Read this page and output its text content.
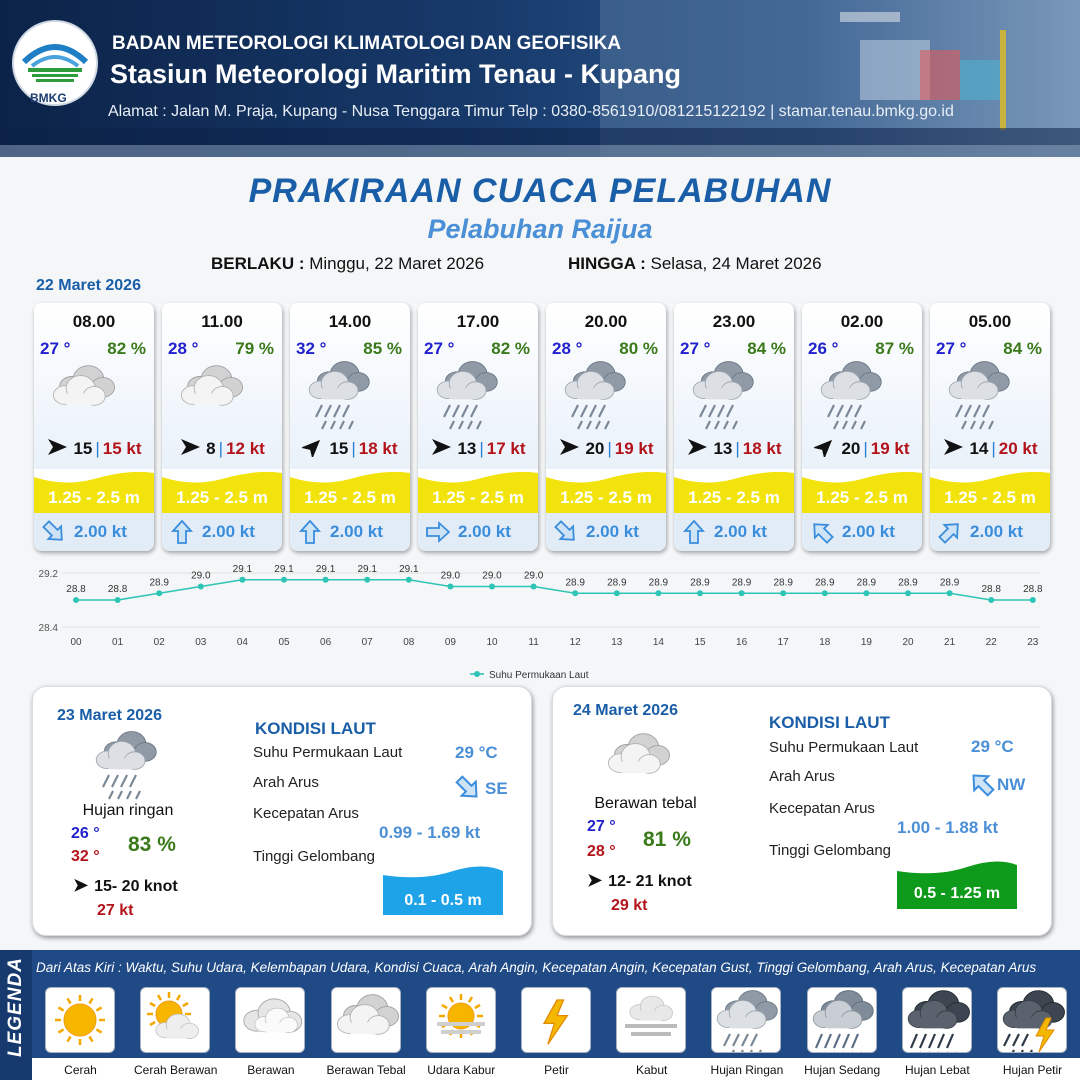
BMKG
BADAN METEOROLOGI KLIMATOLOGI DAN GEOFISIKA
Stasiun Meteorologi Maritim Tenau - Kupang
Alamat : Jalan M. Praja, Kupang - Nusa Tenggara Timur Telp : 0380-8561910/081215122192 | stamar.tenau.bmkg.go.id
PRAKIRAAN CUACA PELABUHAN
Pelabuhan Raijua
BERLAKU : Minggu, 22 Maret 2026	HINGGA : Selasa, 24 Maret 2026
22 Maret 2026
08.00
27 ° 82 %
15 | 15 kt
1.25 - 2.5 m
2.00 kt
11.00
28 ° 79 %
8 | 12 kt
1.25 - 2.5 m
2.00 kt
14.00
32 ° 85 %
15 | 18 kt
1.25 - 2.5 m
2.00 kt
17.00
27 ° 82 %
13 | 17 kt
1.25 - 2.5 m
2.00 kt
20.00
28 ° 80 %
20 | 19 kt
1.25 - 2.5 m
2.00 kt
23.00
27 ° 84 %
13 | 18 kt
1.25 - 2.5 m
2.00 kt
02.00
26 ° 87 %
20 | 19 kt
1.25 - 2.5 m
2.00 kt
05.00
27 ° 84 %
14 | 20 kt
1.25 - 2.5 m
2.00 kt
29.2
28.4
28.8
00
28.8
01
28.9
02
29.0
03
29.1
04
29.1
05
29.1
06
29.1
07
29.1
08
29.0
09
29.0
10
29.0
11
28.9
12
28.9
13
28.9
14
28.9
15
28.9
16
28.9
17
28.9
18
28.9
19
28.9
20
28.9
21
28.8
22
28.8
23
Suhu Permukaan Laut
23 Maret 2026
Hujan ringan
26 °
32 °
83 %
➤ 15- 20 knot
27 kt
KONDISI LAUT
Suhu Permukaan Laut	29 °C
Arah Arus	SE
Kecepatan Arus
0.99 - 1.69 kt
Tinggi Gelombang
0.1 - 0.5 m
24 Maret 2026
Berawan tebal
27 °
28 °
81 %
➤ 12- 21 knot
29 kt
KONDISI LAUT
Suhu Permukaan Laut	29 °C
Arah Arus	NW
Kecepatan Arus
1.00 - 1.88 kt
Tinggi Gelombang
0.5 - 1.25 m
LEGENDA Dari Atas Kiri : Waktu, Suhu Udara, Kelembapan Udara, Kondisi Cuaca, Arah Angin, Kecepatan Angin, Kecepatan Gust, Tinggi Gelombang, Arah Arus, Kecepatan Arus
Cerah	Cerah Berawan	Berawan	Berawan Tebal	Udara Kabur	Petir	Kabut	Hujan Ringan	Hujan Sedang	Hujan Lebat	Hujan Petir
